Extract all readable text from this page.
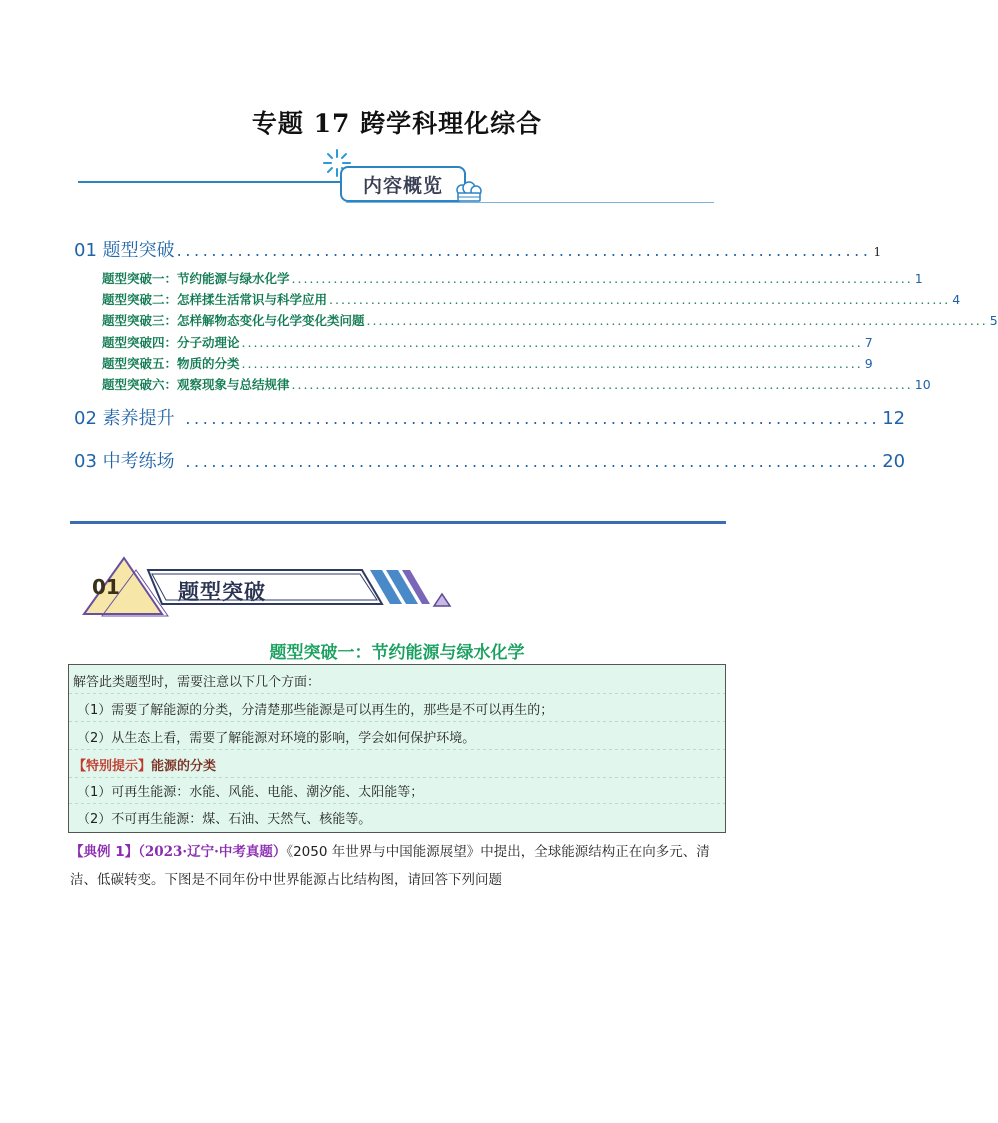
专题 17 跨学科理化综合
内容概览
01 题型突破 ................................................................................ 1
题型突破一：节约能源与绿水化学 ........................................................................................................ 1
题型突破二：怎样揉生活常识与科学应用 ........................................................................................................ 4
题型突破三：怎样解物态变化与化学变化类问题 ........................................................................................................ 5
题型突破四：分子动理论 ........................................................................................................ 7
题型突破五：物质的分类 ........................................................................................................ 9
题型突破六：观察现象与总结规律 ........................................................................................................ 10
02 素养提升 ................................................................................ 12
03 中考练场 ................................................................................ 20
01	题型突破
题型突破一：节约能源与绿水化学
解答此类题型时，需要注意以下几个方面：
（1）需要了解能源的分类，分清楚那些能源是可以再生的，那些是不可以再生的；
（2）从生态上看，需要了解能源对环境的影响，学会如何保护环境。
【特别提示】能源的分类
（1）可再生能源：水能、风能、电能、潮汐能、太阳能等；
（2）不可再生能源：煤、石油、天然气、核能等。
【典例 1】（2023·辽宁·中考真题）《2050 年世界与中国能源展望》中提出，全球能源结构正在向多元、清洁、低碳转变。下图是不同年份中世界能源占比结构图，请回答下列问题
